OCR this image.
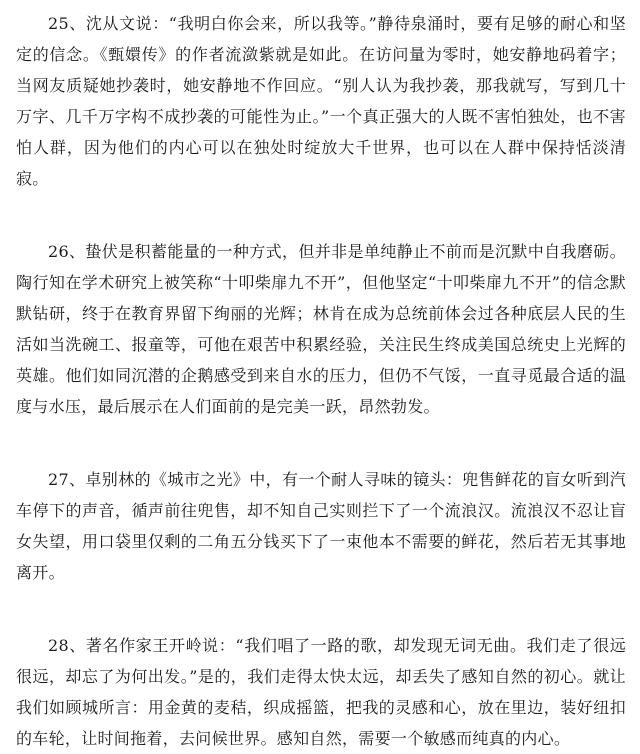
25、沈从文说：“我明白你会来，所以我等。”静待泉涌时，要有足够的耐心和坚定的信念。《甄嬛传》的作者流潋紫就是如此。在访问量为零时，她安静地码着字；当网友质疑她抄袭时，她安静地不作回应。“别人认为我抄袭，那我就写，写到几十万字、几千万字构不成抄袭的可能性为止。”一个真正强大的人既不害怕独处，也不害怕人群，因为他们的内心可以在独处时绽放大千世界，也可以在人群中保持恬淡清寂。

26、蛰伏是积蓄能量的一种方式，但并非是单纯静止不前而是沉默中自我磨砺。陶行知在学术研究上被笑称“十叩柴扉九不开”，但他坚定“十叩柴扉九不开”的信念默默钻研，终于在教育界留下绚丽的光辉；林肯在成为总统前体会过各种底层人民的生活如当洗碗工、报童等，可他在艰苦中积累经验，关注民生终成美国总统史上光辉的英雄。他们如同沉潜的企鹅感受到来自水的压力，但仍不气馁，一直寻觅最合适的温度与水压，最后展示在人们面前的是完美一跃，昂然勃发。

27、卓别林的《城市之光》中，有一个耐人寻味的镜头：兜售鲜花的盲女听到汽车停下的声音，循声前往兜售，却不知自己实则拦下了一个流浪汉。流浪汉不忍让盲女失望，用口袋里仅剩的二角五分钱买下了一束他本不需要的鲜花，然后若无其事地离开。

28、著名作家王开岭说：“我们唱了一路的歌，却发现无词无曲。我们走了很远很远，却忘了为何出发。”是的，我们走得太快太远，却丢失了感知自然的初心。就让我们如顾城所言：用金黄的麦秸，织成摇篮，把我的灵感和心，放在里边，装好纽扣的车轮，让时间拖着，去问候世界。感知自然，需要一个敏感而纯真的内心。
